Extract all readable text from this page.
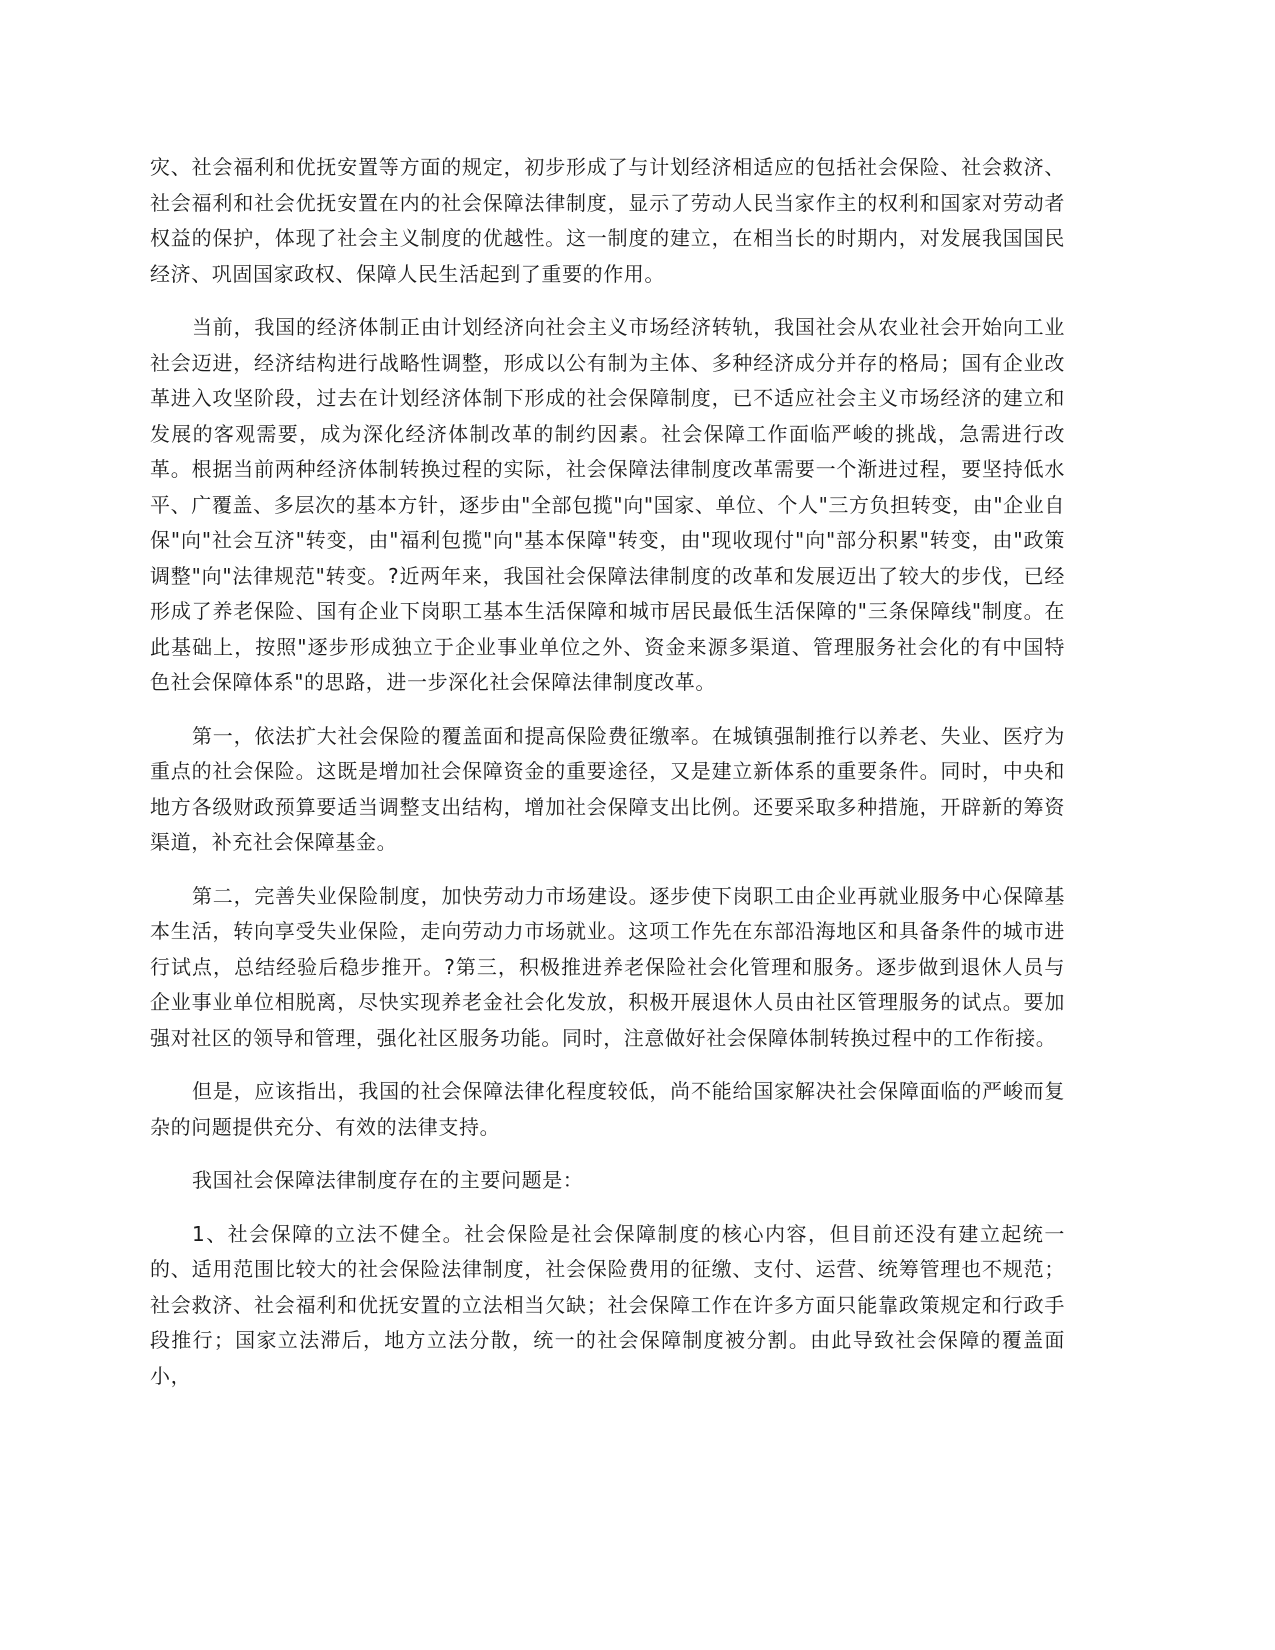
灾、社会福利和优抚安置等方面的规定，初步形成了与计划经济相适应的包括社会保险、社会救济、社会福利和社会优抚安置在内的社会保障法律制度，显示了劳动人民当家作主的权利和国家对劳动者权益的保护，体现了社会主义制度的优越性。这一制度的建立，在相当长的时期内，对发展我国国民经济、巩固国家政权、保障人民生活起到了重要的作用。

当前，我国的经济体制正由计划经济向社会主义市场经济转轨，我国社会从农业社会开始向工业社会迈进，经济结构进行战略性调整，形成以公有制为主体、多种经济成分并存的格局；国有企业改革进入攻坚阶段，过去在计划经济体制下形成的社会保障制度，已不适应社会主义市场经济的建立和发展的客观需要，成为深化经济体制改革的制约因素。社会保障工作面临严峻的挑战，急需进行改革。根据当前两种经济体制转换过程的实际，社会保障法律制度改革需要一个渐进过程，要坚持低水平、广覆盖、多层次的基本方针，逐步由"全部包揽"向"国家、单位、个人"三方负担转变，由"企业自保"向"社会互济"转变，由"福利包揽"向"基本保障"转变，由"现收现付"向"部分积累"转变，由"政策调整"向"法律规范"转变。?近两年来，我国社会保障法律制度的改革和发展迈出了较大的步伐，已经形成了养老保险、国有企业下岗职工基本生活保障和城市居民最低生活保障的"三条保障线"制度。在此基础上，按照"逐步形成独立于企业事业单位之外、资金来源多渠道、管理服务社会化的有中国特色社会保障体系"的思路，进一步深化社会保障法律制度改革。

第一，依法扩大社会保险的覆盖面和提高保险费征缴率。在城镇强制推行以养老、失业、医疗为重点的社会保险。这既是增加社会保障资金的重要途径，又是建立新体系的重要条件。同时，中央和地方各级财政预算要适当调整支出结构，增加社会保障支出比例。还要采取多种措施，开辟新的筹资渠道，补充社会保障基金。

第二，完善失业保险制度，加快劳动力市场建设。逐步使下岗职工由企业再就业服务中心保障基本生活，转向享受失业保险，走向劳动力市场就业。这项工作先在东部沿海地区和具备条件的城市进行试点，总结经验后稳步推开。?第三，积极推进养老保险社会化管理和服务。逐步做到退休人员与企业事业单位相脱离，尽快实现养老金社会化发放，积极开展退休人员由社区管理服务的试点。要加强对社区的领导和管理，强化社区服务功能。同时，注意做好社会保障体制转换过程中的工作衔接。

但是，应该指出，我国的社会保障法律化程度较低，尚不能给国家解决社会保障面临的严峻而复杂的问题提供充分、有效的法律支持。

我国社会保障法律制度存在的主要问题是：

1、社会保障的立法不健全。社会保险是社会保障制度的核心内容，但目前还没有建立起统一的、适用范围比较大的社会保险法律制度，社会保险费用的征缴、支付、运营、统筹管理也不规范；社会救济、社会福利和优抚安置的立法相当欠缺；社会保障工作在许多方面只能靠政策规定和行政手段推行；国家立法滞后，地方立法分散，统一的社会保障制度被分割。由此导致社会保障的覆盖面小，
